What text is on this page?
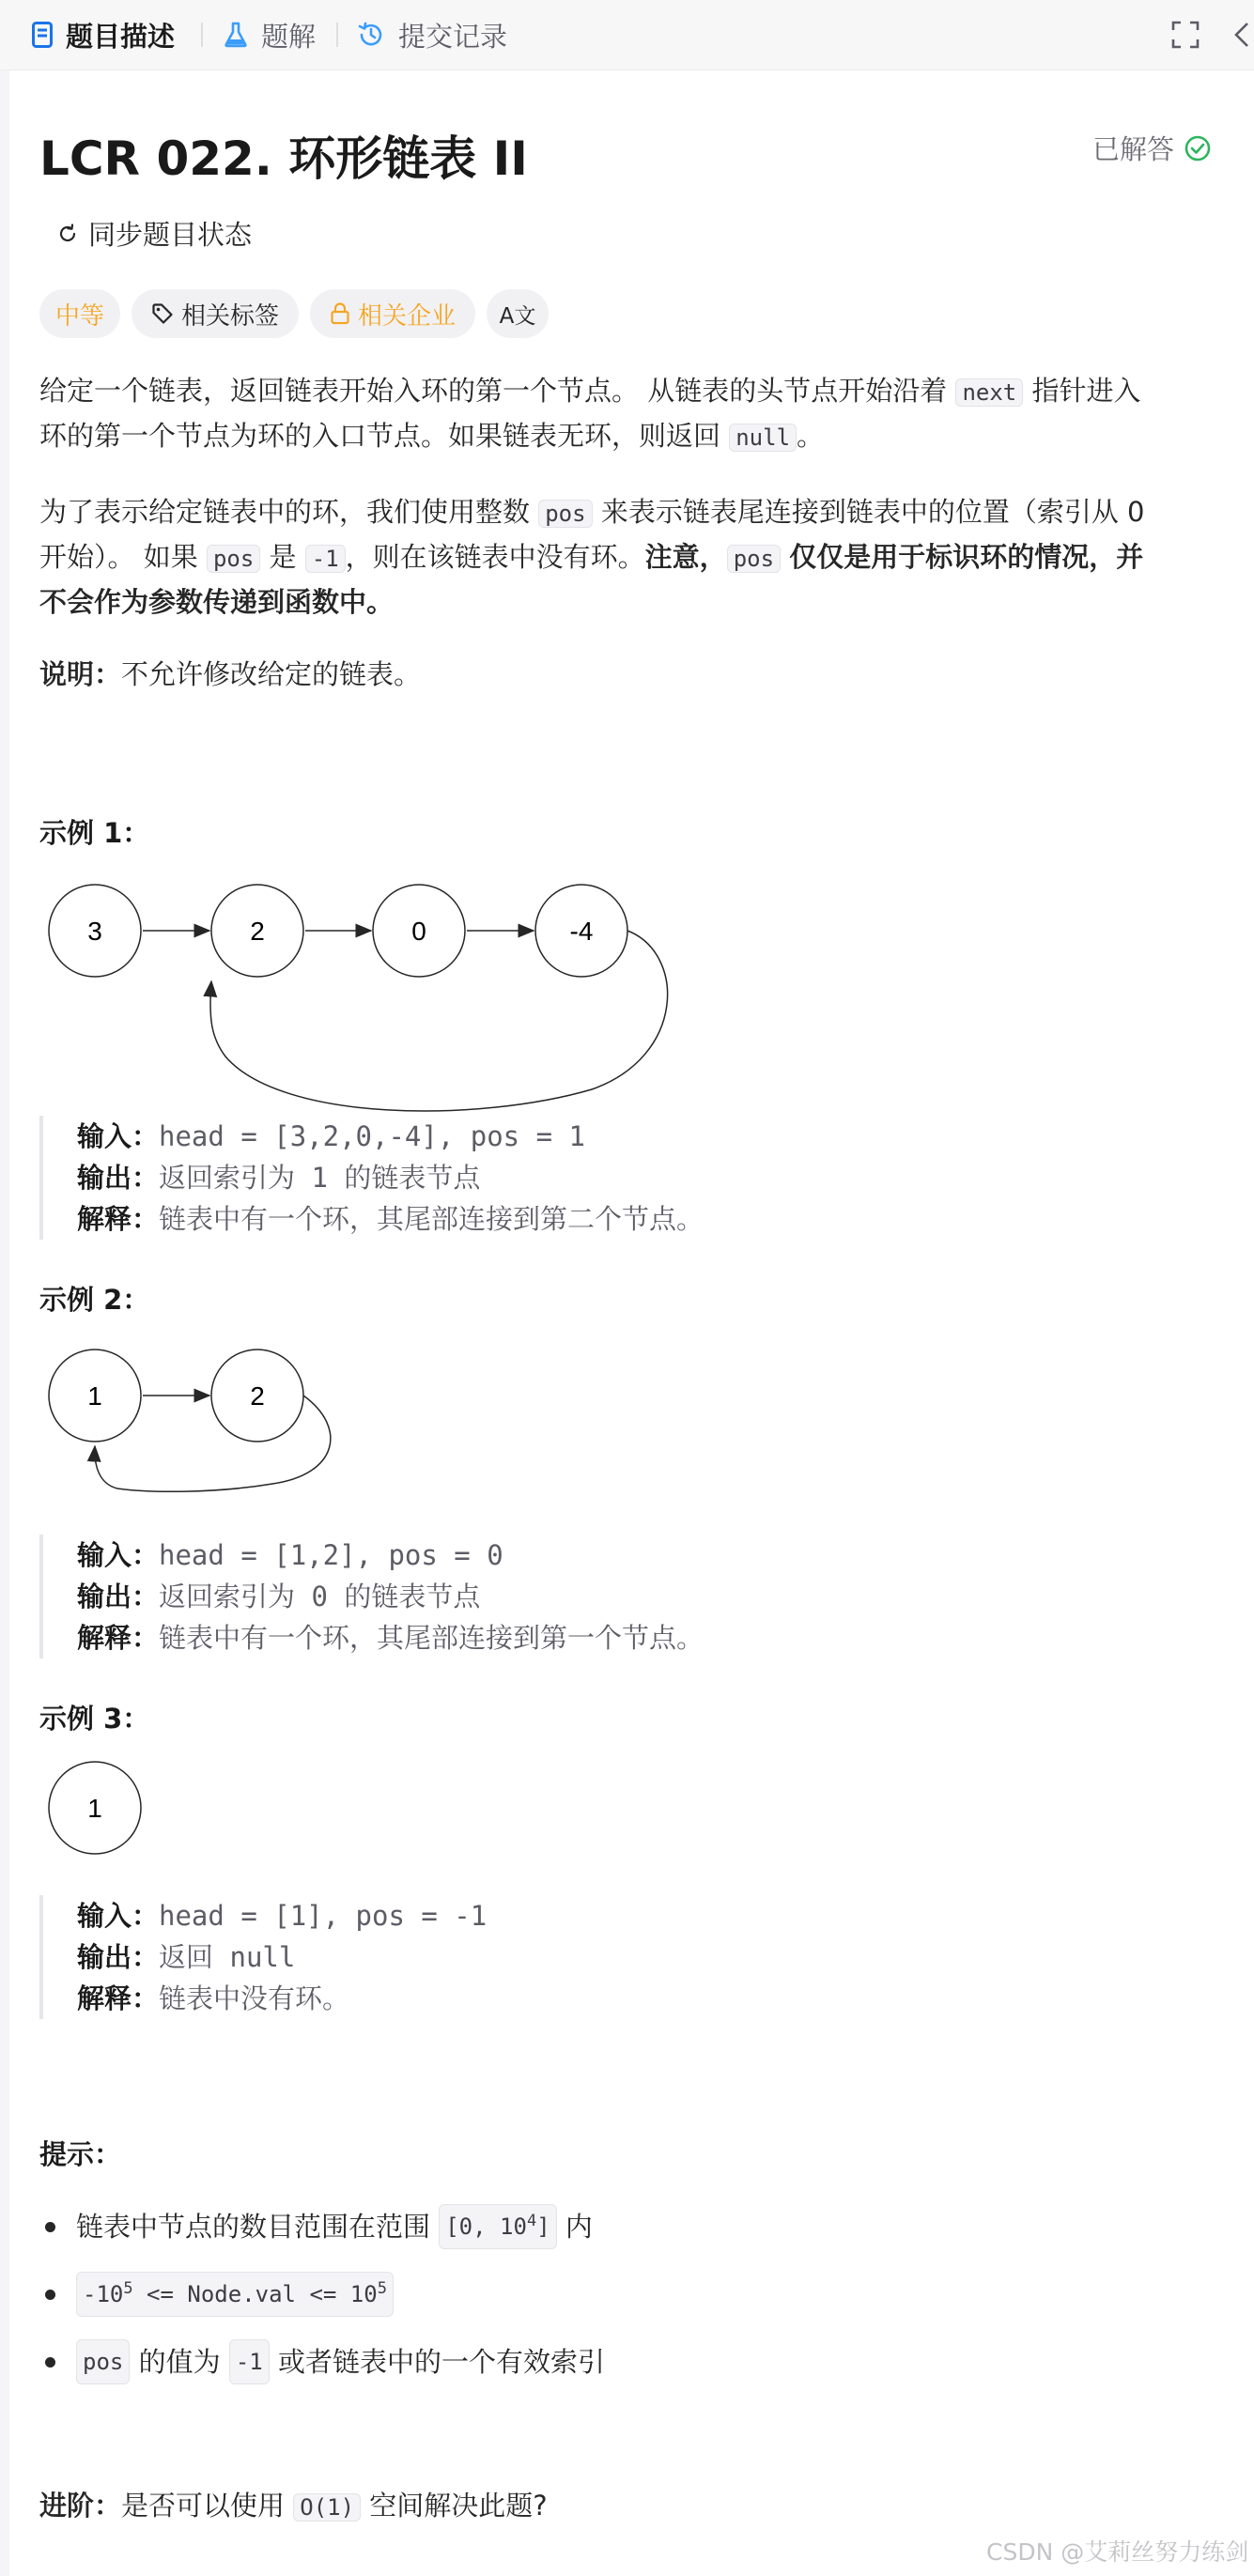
题目描述	题解	提交记录
LCR 022. 环形链表 II	已解答
同步题目状态
中等	相关标签	相关企业 A文
给定一个链表，返回链表开始入环的第一个节点。 从链表的头节点开始沿着 next 指针进入
环的第一个节点为环的入口节点。如果链表无环，则返回 null 。
为了表示给定链表中的环，我们使用整数 pos 来表示链表尾连接到链表中的位置（索引从 0
开始）。 如果 pos 是 -1 ，则在该链表中没有环。注意， pos 仅仅是用于标识环的情况，并
不会作为参数传递到函数中。
说明：不允许修改给定的链表。
示例 1：
3	2	0	-4
输入：head = [3,2,0,-4], pos = 1
输出：返回索引为 1 的链表节点
解释：链表中有一个环，其尾部连接到第二个节点。
示例 2：
1	2
输入：head = [1,2], pos = 0
输出：返回索引为 0 的链表节点
解释：链表中有一个环，其尾部连接到第一个节点。
示例 3：
1
输入：head = [1], pos = -1
输出：返回 null
解释：链表中没有环。
提示：
链表中节点的数目范围在范围
[0, $10^4$]
内
$-10^5$ <= Node.val <= $10^5$
pos
的值为
-1
或者链表中的一个有效索引
进阶：是否可以使用 O(1) 空间解决此题?
CSDN @艾莉丝努力练剑
